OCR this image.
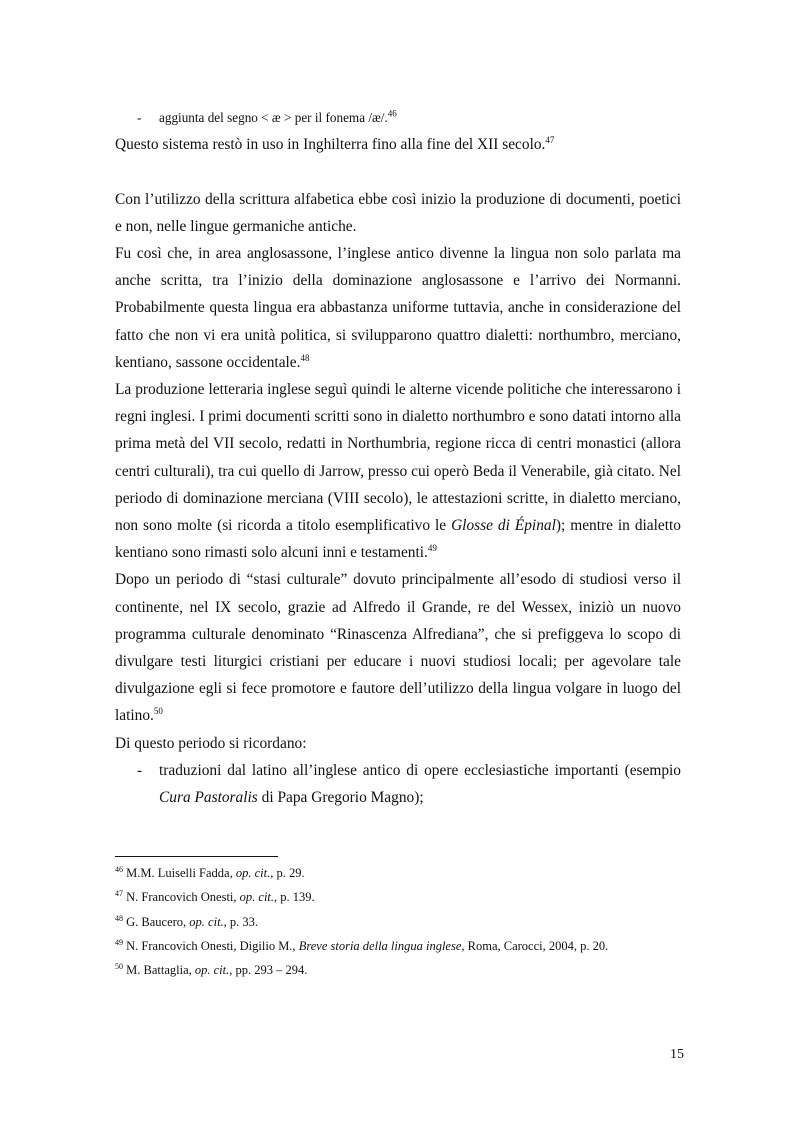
- aggiunta del segno < æ > per il fonema /æ/.$^{46}$

Questo sistema restò in uso in Inghilterra fino alla fine del XII secolo.$^{47}$

Con l’utilizzo della scrittura alfabetica ebbe così inizio la produzione di documenti, poetici e non, nelle lingue germaniche antiche.

Fu così che, in area anglosassone, l’inglese antico divenne la lingua non solo parlata ma anche scritta, tra l’inizio della dominazione anglosassone e l’arrivo dei Normanni. Probabilmente questa lingua era abbastanza uniforme tuttavia, anche in considerazione del fatto che non vi era unità politica, si svilupparono quattro dialetti: northumbro, merciano, kentiano, sassone occidentale.$^{48}$

La produzione letteraria inglese seguì quindi le alterne vicende politiche che interessarono i regni inglesi. I primi documenti scritti sono in dialetto northumbro e sono datati intorno alla prima metà del VII secolo, redatti in Northumbria, regione ricca di centri monastici (allora centri culturali), tra cui quello di Jarrow, presso cui operò Beda il Venerabile, già citato. Nel periodo di dominazione merciana (VIII secolo), le attestazioni scritte, in dialetto merciano, non sono molte (si ricorda a titolo esemplificativo le Glosse di Épinal); mentre in dialetto kentiano sono rimasti solo alcuni inni e testamenti.$^{49}$

Dopo un periodo di “stasi culturale” dovuto principalmente all’esodo di studiosi verso il continente, nel IX secolo, grazie ad Alfredo il Grande, re del Wessex, iniziò un nuovo programma culturale denominato “Rinascenza Alfrediana”, che si prefiggeva lo scopo di divulgare testi liturgici cristiani per educare i nuovi studiosi locali; per agevolare tale divulgazione egli si fece promotore e fautore dell’utilizzo della lingua volgare in luogo del latino.$^{50}$

Di questo periodo si ricordano:

- traduzioni dal latino all’inglese antico di opere ecclesiastiche importanti (esempio Cura Pastoralis di Papa Gregorio Magno);

$^{46}$ M.M. Luiselli Fadda, op. cit., p. 29.
$^{47}$ N. Francovich Onesti, op. cit., p. 139.
$^{48}$ G. Baucero, op. cit., p. 33.
$^{49}$ N. Francovich Onesti, Digilio M., Breve storia della lingua inglese, Roma, Carocci, 2004, p. 20.
$^{50}$ M. Battaglia, op. cit., pp. 293 – 294.
15
